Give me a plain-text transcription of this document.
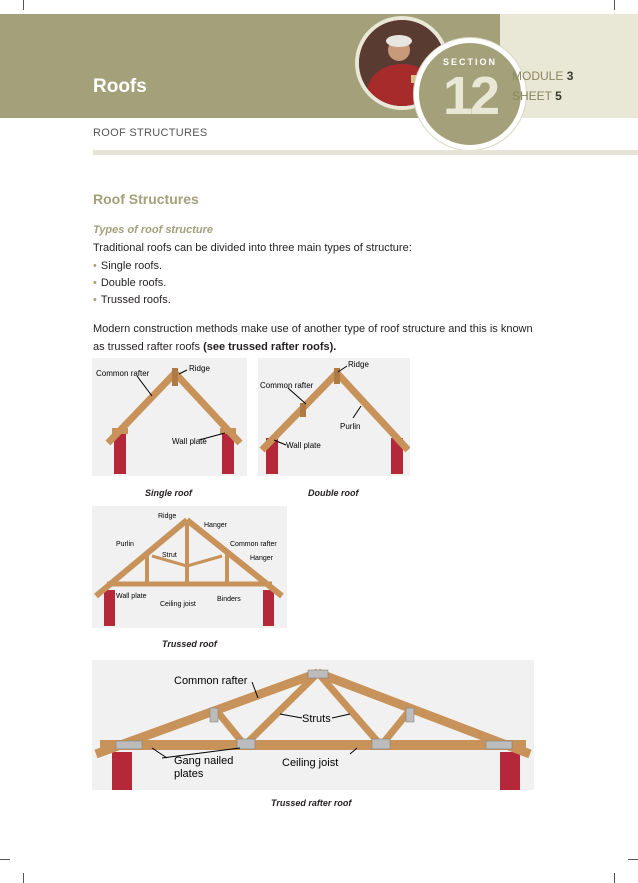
Roofs
SECTION
12	MODULE 3
SHEET 5
ROOF STRUCTURES
Roof Structures
Types of roof structure
Traditional roofs can be divided into three main types of structure:
• Single roofs.
• Double roofs.
• Trussed roofs.
Modern construction methods make use of another type of roof structure and this is known
as trussed rafter roofs (see trussed rafter roofs).
Common rafter
Ridge
Wall plate
Single roof
Ridge
Common rafter
Purlin
Wall plate
Double roof
Ridge
Hanger
Purlin
Strut
Common rafter
Hanger
Wall plate
Ceiling joist
Binders
Trussed roof
Common rafter
Struts
Gang nailed
plates
Ceiling joist
Trussed rafter roof
